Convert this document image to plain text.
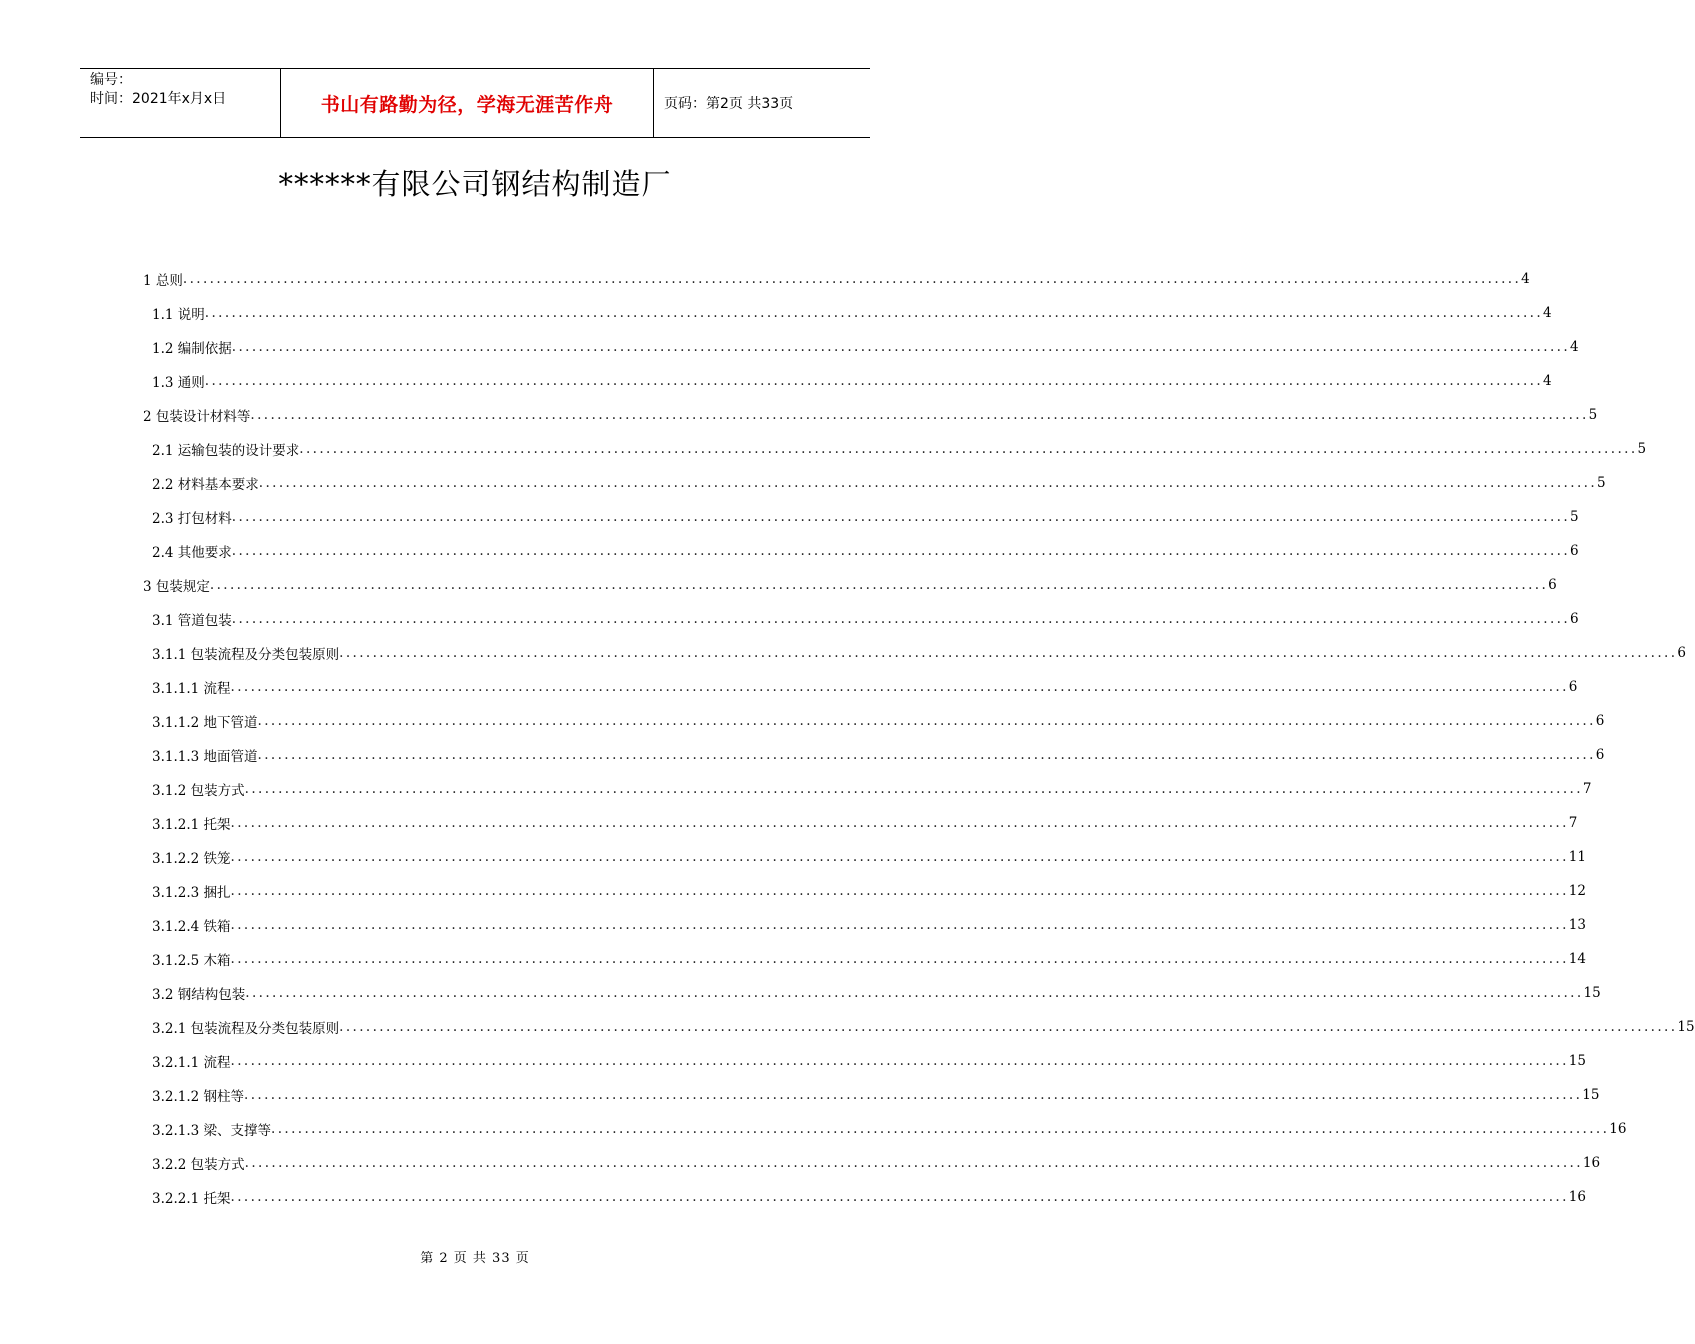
编号：
时间：2021年x月x日	书山有路勤为径，学海无涯苦作舟	页码：第2页 共33页
******有限公司钢结构制造厂
1 总则 ........................................................................................................................................................................................................ 4
1.1 说明 ........................................................................................................................................................................................................ 4
1.2 编制依据 ........................................................................................................................................................................................................ 4
1.3 通则 ........................................................................................................................................................................................................ 4
2 包装设计材料等 ........................................................................................................................................................................................................ 5
2.1 运输包装的设计要求 ........................................................................................................................................................................................................ 5
2.2 材料基本要求 ........................................................................................................................................................................................................ 5
2.3 打包材料 ........................................................................................................................................................................................................ 5
2.4 其他要求 ........................................................................................................................................................................................................ 6
3 包装规定 ........................................................................................................................................................................................................ 6
3.1 管道包装 ........................................................................................................................................................................................................ 6
3.1.1 包装流程及分类包装原则 ........................................................................................................................................................................................................ 6
3.1.1.1 流程 ........................................................................................................................................................................................................ 6
3.1.1.2 地下管道 ........................................................................................................................................................................................................ 6
3.1.1.3 地面管道 ........................................................................................................................................................................................................ 6
3.1.2 包装方式 ........................................................................................................................................................................................................ 7
3.1.2.1 托架 ........................................................................................................................................................................................................ 7
3.1.2.2 铁笼 ........................................................................................................................................................................................................ 11
3.1.2.3 捆扎 ........................................................................................................................................................................................................ 12
3.1.2.4 铁箱 ........................................................................................................................................................................................................ 13
3.1.2.5 木箱 ........................................................................................................................................................................................................ 14
3.2 钢结构包装 ........................................................................................................................................................................................................ 15
3.2.1 包装流程及分类包装原则 ........................................................................................................................................................................................................ 15
3.2.1.1 流程 ........................................................................................................................................................................................................ 15
3.2.1.2 钢柱等 ........................................................................................................................................................................................................ 15
3.2.1.3 梁、支撑等 ........................................................................................................................................................................................................ 16
3.2.2 包装方式 ........................................................................................................................................................................................................ 16
3.2.2.1 托架 ........................................................................................................................................................................................................ 16
第 2 页 共 33 页
